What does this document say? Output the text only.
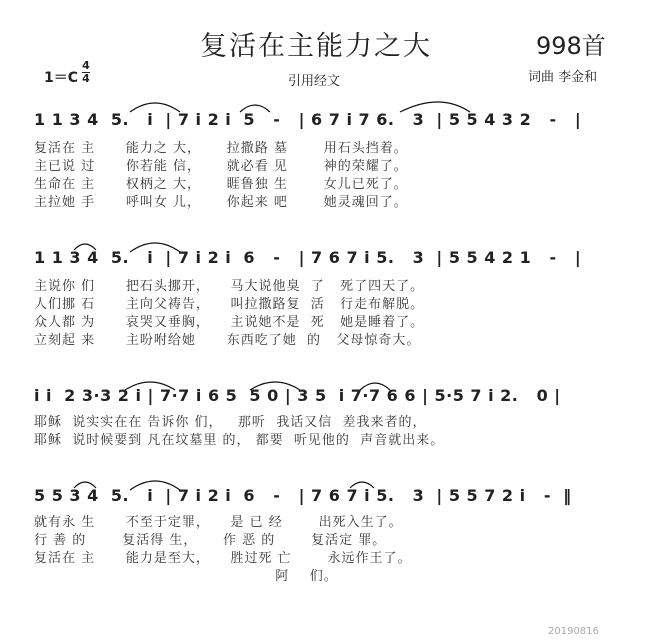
复活在主能力之大	998首
1＝C
4
4	引用经文	词曲 李金和
1 1 3 4  5.   i  | 7 i 2 i  5   -   | 6 7 i 7 6.   3  | 5 5 4 3 2   -   |
复活在 主      能力之 大，     拉撒路 墓       用石头挡着。
主已说 过      你若能 信，     就必看 见       神的荣耀了。
生命在 主      权柄之 大，     睚鲁独 生       女儿已死了。
主拉她 手      呼叫女 儿，     你起来 吧       她灵魂回了。
1 1 3 4  5.   i  | 7 i 2 i  6   -   | 7 6 7 i 5.   3  | 5 5 4 2 1   -   |
主说你 们      把石头挪开，    马大说他臭  了   死了四天了。
人们挪 石      主向父祷告，    叫拉撒路复  活   行走布解脱。
众人都 为      哀哭又垂胸，    主说她不是  死   她是睡着了。
立刻起 来      主吩咐给她      东西吃了她  的   父母惊奇大。
i i  2 3·3 2 i | 7·7 i 6 5  5 0 | 3 5  i 7·7 6 6 | 5·5 7 i 2.   0 |
耶稣  说实实在在 告诉你 们，   那听  我话又信  差我来者的，
耶稣  说时候要到 凡在坟墓里 的， 都要  听见他的  声音就出来。
5 5 3 4  5.   i  | 7 i 2 i  6   -   | 7 6 7 i 5.   3  | 5 5 7 2 i   -  ‖
就有永 生      不至于定罪，    是 已 经       出死入生了。
行 善 的       复活得 生，     作 恶 的       复活定 罪。
复活在 主      能力是至大，    胜过死 亡       永远作王了。
阿    们。
20190816
